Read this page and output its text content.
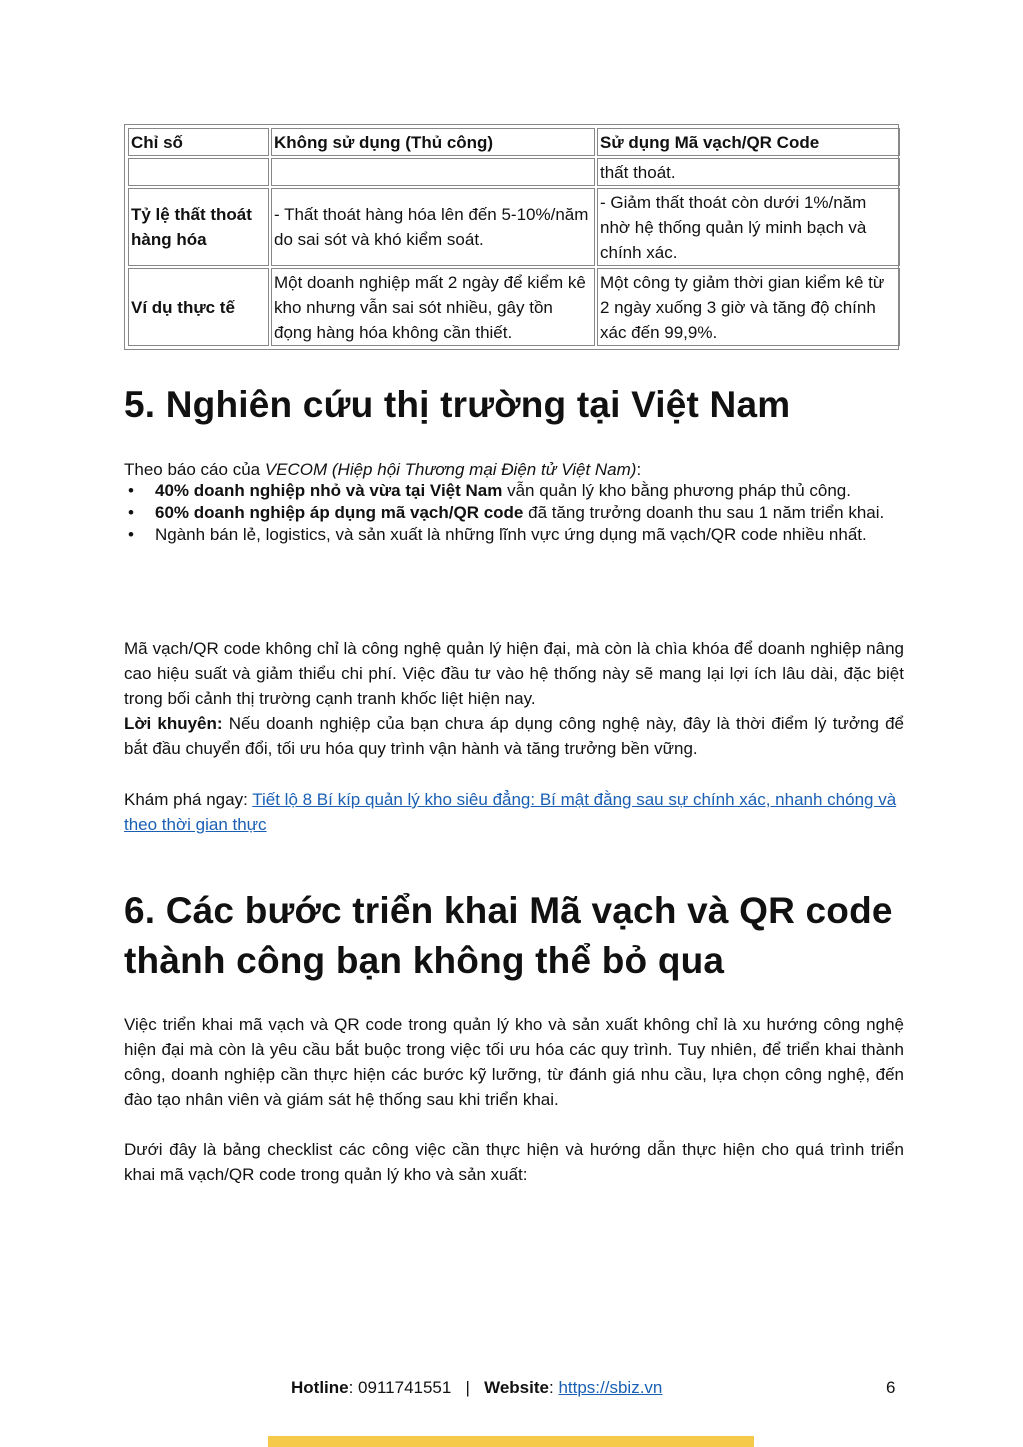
Chỉ số	Không sử dụng (Thủ công)	Sử dụng Mã vạch/QR Code
		thất thoát.
Tỷ lệ thất thoát hàng hóa	- Thất thoát hàng hóa lên đến 5-10%/năm do sai sót và khó kiểm soát.	- Giảm thất thoát còn dưới 1%/năm nhờ hệ thống quản lý minh bạch và chính xác.
Ví dụ thực tế	Một doanh nghiệp mất 2 ngày để kiểm kê kho nhưng vẫn sai sót nhiều, gây tồn đọng hàng hóa không cần thiết.	Một công ty giảm thời gian kiểm kê từ 2 ngày xuống 3 giờ và tăng độ chính xác đến 99,9%.
5. Nghiên cứu thị trường tại Việt Nam

Theo báo cáo của VECOM (Hiệp hội Thương mại Điện tử Việt Nam):

• 40% doanh nghiệp nhỏ và vừa tại Việt Nam vẫn quản lý kho bằng phương pháp thủ công.
• 60% doanh nghiệp áp dụng mã vạch/QR code đã tăng trưởng doanh thu sau 1 năm triển khai.
• Ngành bán lẻ, logistics, và sản xuất là những lĩnh vực ứng dụng mã vạch/QR code nhiều nhất.

Mã vạch/QR code không chỉ là công nghệ quản lý hiện đại, mà còn là chìa khóa để doanh nghiệp nâng cao hiệu suất và giảm thiểu chi phí. Việc đầu tư vào hệ thống này sẽ mang lại lợi ích lâu dài, đặc biệt trong bối cảnh thị trường cạnh tranh khốc liệt hiện nay.

Lời khuyên: Nếu doanh nghiệp của bạn chưa áp dụng công nghệ này, đây là thời điểm lý tưởng để bắt đầu chuyển đổi, tối ưu hóa quy trình vận hành và tăng trưởng bền vững.

Khám phá ngay: Tiết lộ 8 Bí kíp quản lý kho siêu đẳng: Bí mật đằng sau sự chính xác, nhanh chóng và theo thời gian thực

6. Các bước triển khai Mã vạch và QR code
thành công bạn không thể bỏ qua

Việc triển khai mã vạch và QR code trong quản lý kho và sản xuất không chỉ là xu hướng công nghệ hiện đại mà còn là yêu cầu bắt buộc trong việc tối ưu hóa các quy trình. Tuy nhiên, để triển khai thành công, doanh nghiệp cần thực hiện các bước kỹ lưỡng, từ đánh giá nhu cầu, lựa chọn công nghệ, đến đào tạo nhân viên và giám sát hệ thống sau khi triển khai.

Dưới đây là bảng checklist các công việc cần thực hiện và hướng dẫn thực hiện cho quá trình triển khai mã vạch/QR code trong quản lý kho và sản xuất:

Hotline: 0911741551   |   Website: https://sbiz.vn	6
